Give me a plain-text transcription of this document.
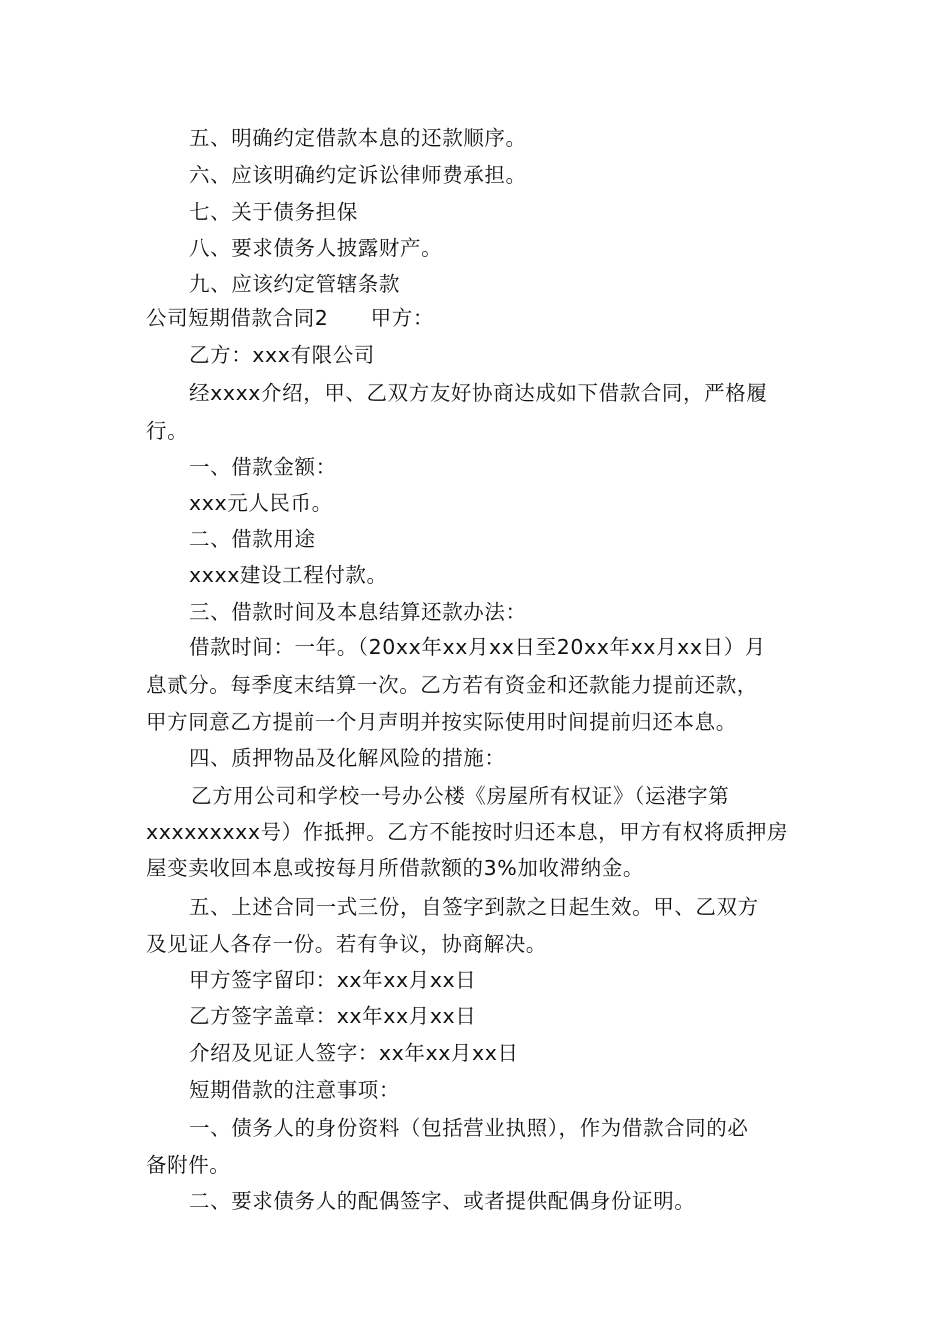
五、明确约定借款本息的还款顺序。
六、应该明确约定诉讼律师费承担。
七、关于债务担保
八、要求债务人披露财产。
九、应该约定管辖条款
公司短期借款合同2　　甲方：
乙方：xxx有限公司
经xxxx介绍，甲、乙双方友好协商达成如下借款合同，严格履
行。
一、借款金额：
xxx元人民币。
二、借款用途
xxxx建设工程付款。
三、借款时间及本息结算还款办法：
借款时间：一年。（20xx年xx月xx日至20xx年xx月xx日）月
息贰分。每季度末结算一次。乙方若有资金和还款能力提前还款，
甲方同意乙方提前一个月声明并按实际使用时间提前归还本息。
四、质押物品及化解风险的措施：
乙方用公司和学校一号办公楼《房屋所有权证》（运港字第
xxxxxxxxx号）作抵押。乙方不能按时归还本息，甲方有权将质押房
屋变卖收回本息或按每月所借款额的3%加收滞纳金。
五、上述合同一式三份，自签字到款之日起生效。甲、乙双方
及见证人各存一份。若有争议，协商解决。
甲方签字留印：xx年xx月xx日
乙方签字盖章：xx年xx月xx日
介绍及见证人签字：xx年xx月xx日
短期借款的注意事项：
一、债务人的身份资料（包括营业执照），作为借款合同的必
备附件。
二、要求债务人的配偶签字、或者提供配偶身份证明。
